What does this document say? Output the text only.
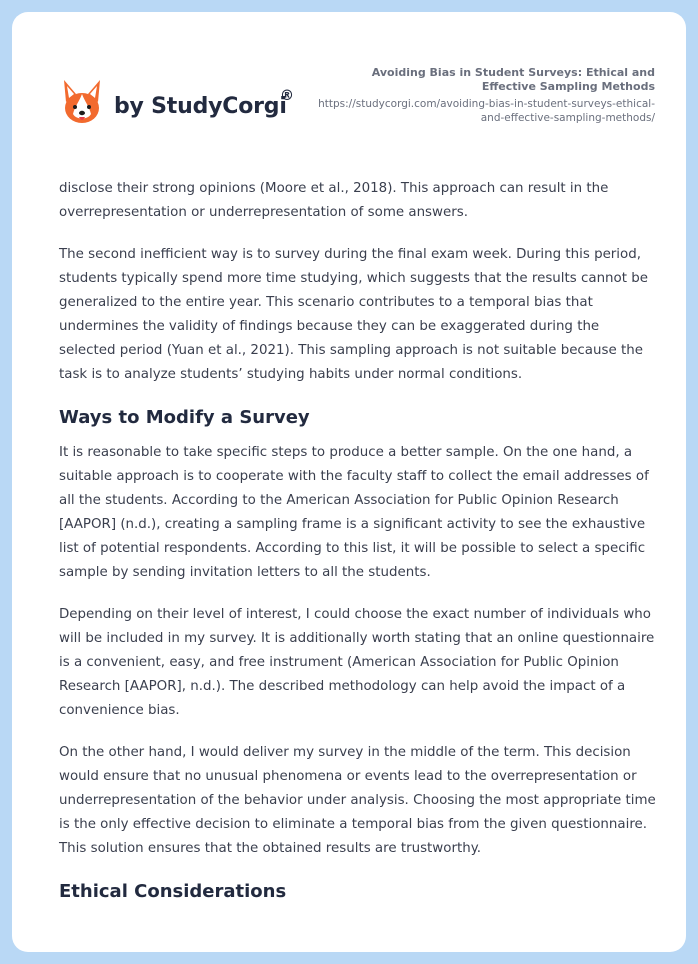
by StudyCorgi
®
Avoiding Bias in Student Surveys: Ethical and Effective Sampling Methods
https://studycorgi.com/avoiding-bias-in-student-surveys-ethical-and-effective-sampling-methods/

disclose their strong opinions (Moore et al., 2018). This approach can result in the overrepresentation or underrepresentation of some answers.

The second inefficient way is to survey during the final exam week. During this period, students typically spend more time studying, which suggests that the results cannot be generalized to the entire year. This scenario contributes to a temporal bias that undermines the validity of findings because they can be exaggerated during the selected period (Yuan et al., 2021). This sampling approach is not suitable because the task is to analyze students’ studying habits under normal conditions.

Ways to Modify a Survey

It is reasonable to take specific steps to produce a better sample. On the one hand, a suitable approach is to cooperate with the faculty staff to collect the email addresses of all the students. According to the American Association for Public Opinion Research [AAPOR] (n.d.), creating a sampling frame is a significant activity to see the exhaustive list of potential respondents. According to this list, it will be possible to select a specific sample by sending invitation letters to all the students.

Depending on their level of interest, I could choose the exact number of individuals who will be included in my survey. It is additionally worth stating that an online questionnaire is a convenient, easy, and free instrument (American Association for Public Opinion Research [AAPOR], n.d.). The described methodology can help avoid the impact of a convenience bias.

On the other hand, I would deliver my survey in the middle of the term. This decision would ensure that no unusual phenomena or events lead to the overrepresentation or underrepresentation of the behavior under analysis. Choosing the most appropriate time is the only effective decision to eliminate a temporal bias from the given questionnaire. This solution ensures that the obtained results are trustworthy.

Ethical Considerations
